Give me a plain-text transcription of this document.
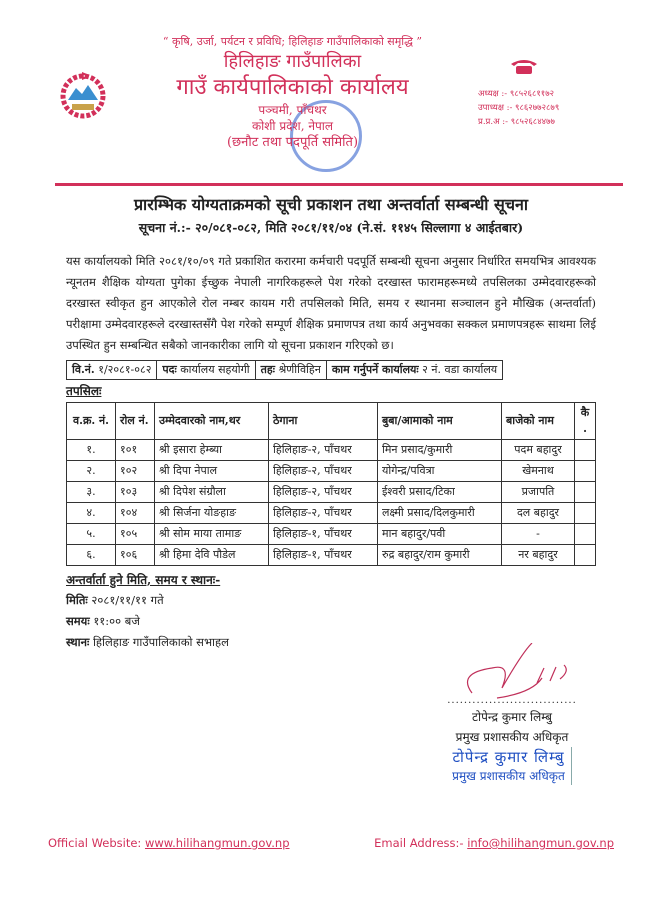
“ कृषि, उर्जा, पर्यटन र प्रविधि; हिलिहाङ गाउँपालिकाको समृद्धि ”
हिलिहाङ गाउँपालिका
गाउँ कार्यपालिकाको कार्यालय
पञ्चमी, पाँचथर
कोशी प्रदेश, नेपाल
(छनौट तथा पदपूर्ति समिति)
अध्यक्ष :- ९८५२६८११७२
उपाध्यक्ष :- ९८६२७७२८७९
प्र.प्र.अ :- ९८५२६८४४७७
प्रारम्भिक योग्यताक्रमको सूची प्रकाशन तथा अन्तर्वार्ता सम्बन्धी सूचना
सूचना नं.:- २०/०८१-०८२, मिति २०८१/११/०४ (ने.सं. ११४५ सिल्लागा ४ आईतबार)
यस कार्यालयको मिति २०८१/१०/०९ गते प्रकाशित करारमा कर्मचारी पदपूर्ति सम्बन्धी सूचना अनुसार निर्धारित समयभित्र आवश्यक न्यूनतम शैक्षिक योग्यता पुगेका ईच्छुक नेपाली नागरिकहरूले पेश गरेको दरखास्त फारामहरूमध्ये तपसिलका उम्मेदवारहरूको दरखास्त स्वीकृत हुन आएकोले रोल नम्बर कायम गरी तपसिलको मिति, समय र स्थानमा सञ्चालन हुने मौखिक (अन्तर्वार्ता) परीक्षामा उम्मेदवारहरूले दरखास्तसँगै पेश गरेको सम्पूर्ण शैक्षिक प्रमाणपत्र तथा कार्य अनुभवका सक्कल प्रमाणपत्रहरू साथमा लिई उपस्थित हुन सम्बन्धित सबैको जानकारीका लागि यो सूचना प्रकाशन गरिएको छ।
वि.नं. १/२०८१-०८२	पदः कार्यालय सहयोगी	तहः श्रेणीविहिन	काम गर्नुपर्ने कार्यालयः २ नं. वडा कार्यालय
तपसिलः
व.क्र. नं.	रोल नं.	उम्मेदवारको नाम,थर	ठेगाना	बुबा/आमाको नाम	बाजेको नाम	कै.
१.	१०१	श्री इसारा हेम्ब्या	हिलिहाङ-२, पाँचथर	मिन प्रसाद/कुमारी	पदम बहादुर	
२.	१०२	श्री दिपा नेपाल	हिलिहाङ-२, पाँचथर	योगेन्द्र/पवित्रा	खेमनाथ	
३.	१०३	श्री दिपेश संग्रौला	हिलिहाङ-२, पाँचथर	ईश्वरी प्रसाद/टिका	प्रजापति	
४.	१०४	श्री सिर्जना योङहाङ	हिलिहाङ-२, पाँचथर	लक्ष्मी प्रसाद/दिलकुमारी	दल बहादुर	
५.	१०५	श्री सोम माया तामाङ	हिलिहाङ-१, पाँचथर	मान बहादुर/पवी	-	
६.	१०६	श्री हिमा देवि पौडेल	हिलिहाङ-१, पाँचथर	रुद्र बहादुर/राम कुमारी	नर बहादुर	
अन्तर्वार्ता हुने मिति, समय र स्थानः-
मितिः २०८१/११/११ गते
समयः ११:०० बजे
स्थानः हिलिहाङ गाउँपालिकाको सभाहल
...............................
टोपेन्द्र कुमार लिम्बु
प्रमुख प्रशासकीय अधिकृत
टोपेन्द्र कुमार लिम्बु
प्रमुख प्रशासकीय अधिकृत
Official Website: www.hilihangmun.gov.np	Email Address:- info@hilihangmun.gov.np
